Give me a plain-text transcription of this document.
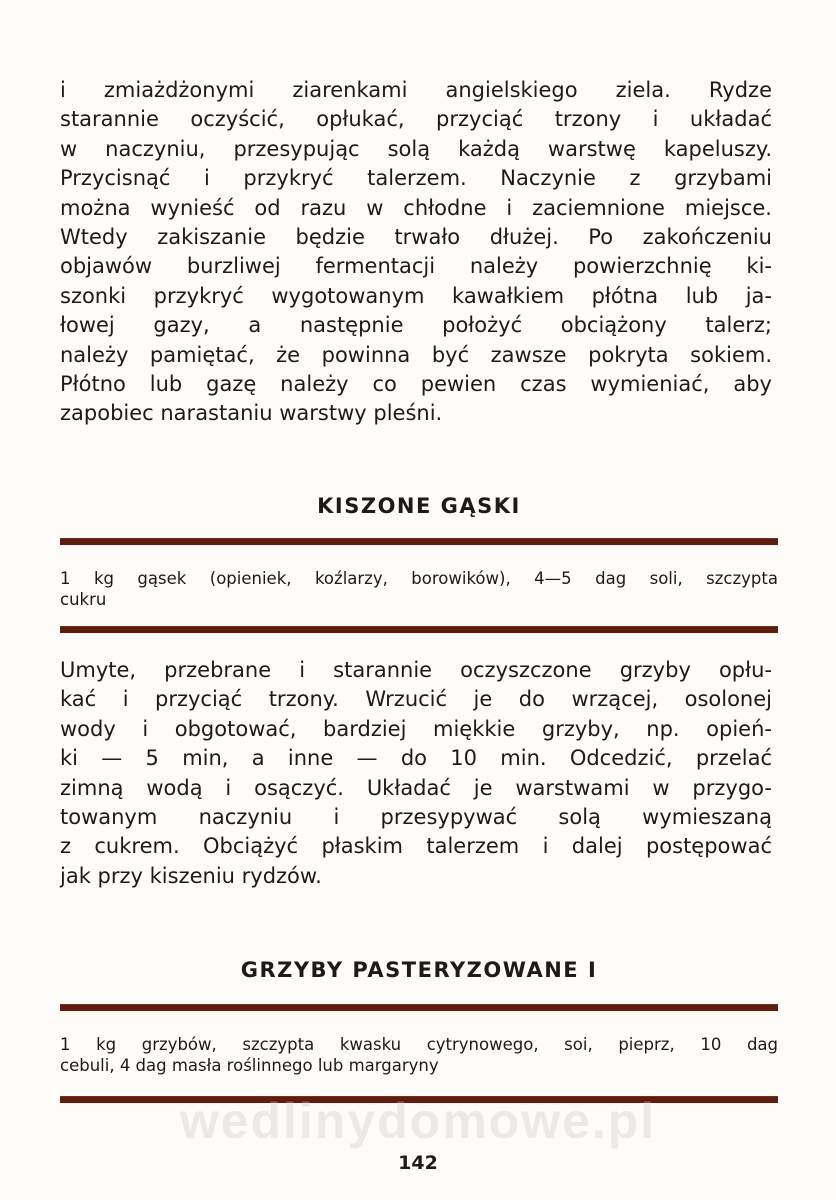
i zmiażdżonymi ziarenkami angielskiego ziela. Rydze
starannie oczyścić, opłukać, przyciąć trzony i układać
w naczyniu, przesypując solą każdą warstwę kapeluszy.
Przycisnąć i przykryć talerzem. Naczynie z grzybami
można wynieść od razu w chłodne i zaciemnione miejsce.
Wtedy zakiszanie będzie trwało dłużej. Po zakończeniu
objawów burzliwej fermentacji należy powierzchnię ki-
szonki przykryć wygotowanym kawałkiem płótna lub ja-
łowej gazy, a następnie położyć obciążony talerz;
należy pamiętać, że powinna być zawsze pokryta sokiem.
Płótno lub gazę należy co pewien czas wymieniać, aby
zapobiec narastaniu warstwy pleśni.
KISZONE GĄSKI
1 kg gąsek (opieniek, koźlarzy, borowików), 4—5 dag soli, szczypta
cukru
Umyte, przebrane i starannie oczyszczone grzyby opłu-
kać i przyciąć trzony. Wrzucić je do wrzącej, osolonej
wody i obgotować, bardziej miękkie grzyby, np. opień-
ki — 5 min, a inne — do 10 min. Odcedzić, przelać
zimną wodą i osączyć. Układać je warstwami w przygo-
towanym naczyniu i przesypywać solą wymieszaną
z cukrem. Obciążyć płaskim talerzem i dalej postępować
jak przy kiszeniu rydzów.
GRZYBY PASTERYZOWANE I
1 kg grzybów, szczypta kwasku cytrynowego, soi, pieprz, 10 dag
cebuli, 4 dag masła roślinnego lub margaryny
wedlinydomowe.pl
142
